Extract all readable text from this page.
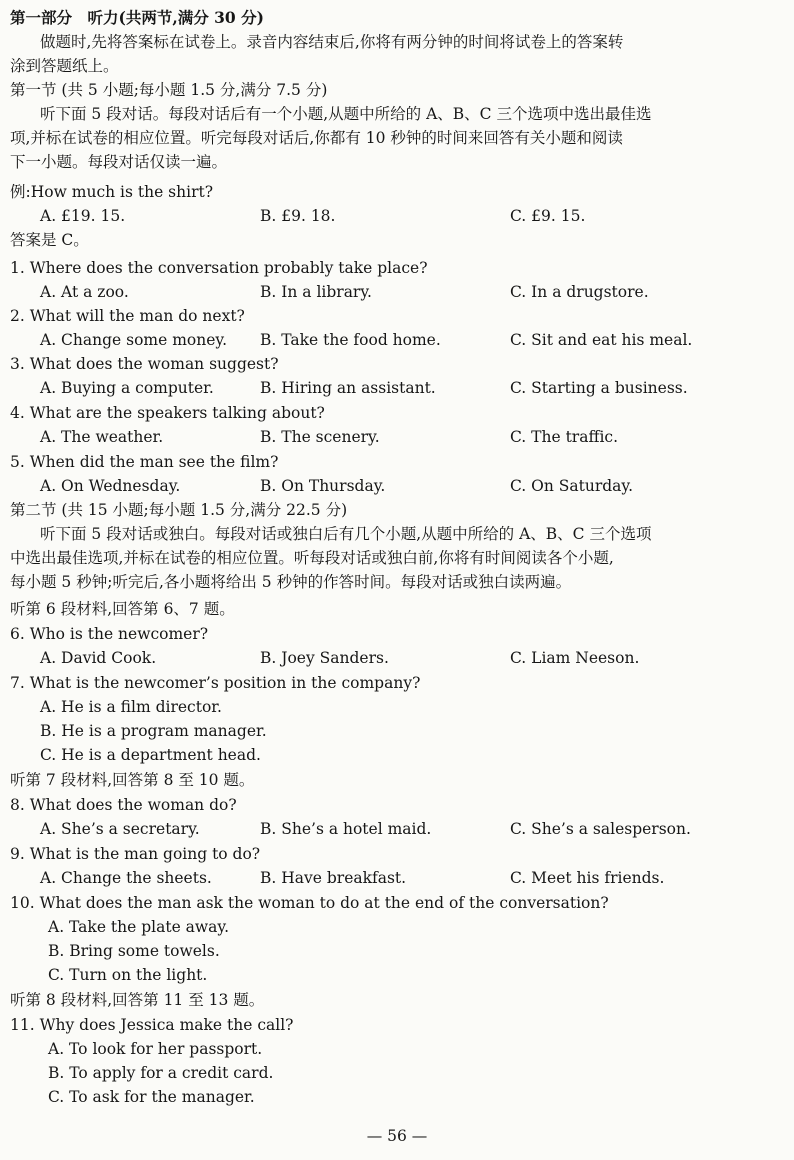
第一部分　听力(共两节,满分 30 分)
做题时,先将答案标在试卷上。录音内容结束后,你将有两分钟的时间将试卷上的答案转
涂到答题纸上。
第一节 (共 5 小题;每小题 1.5 分,满分 7.5 分)
听下面 5 段对话。每段对话后有一个小题,从题中所给的 A、B、C 三个选项中选出最佳选
项,并标在试卷的相应位置。听完每段对话后,你都有 10 秒钟的时间来回答有关小题和阅读
下一小题。每段对话仅读一遍。
例:How much is the shirt?
A. £19. 15.	B. £9. 18.	C. £9. 15.
答案是 C。
1. Where does the conversation probably take place?
A. At a zoo.	B. In a library.	C. In a drugstore.
2. What will the man do next?
A. Change some money. B. Take the food home.	C. Sit and eat his meal.
3. What does the woman suggest?
A. Buying a computer.	B. Hiring an assistant.	C. Starting a business.
4. What are the speakers talking about?
A. The weather.	B. The scenery.	C. The traffic.
5. When did the man see the film?
A. On Wednesday.	B. On Thursday.	C. On Saturday.
第二节 (共 15 小题;每小题 1.5 分,满分 22.5 分)
听下面 5 段对话或独白。每段对话或独白后有几个小题,从题中所给的 A、B、C 三个选项
中选出最佳选项,并标在试卷的相应位置。听每段对话或独白前,你将有时间阅读各个小题,
每小题 5 秒钟;听完后,各小题将给出 5 秒钟的作答时间。每段对话或独白读两遍。
听第 6 段材料,回答第 6、7 题。
6. Who is the newcomer?
A. David Cook.	B. Joey Sanders.	C. Liam Neeson.
7. What is the newcomer’s position in the company?
A. He is a film director.
B. He is a program manager.
C. He is a department head.
听第 7 段材料,回答第 8 至 10 题。
8. What does the woman do?
A. She’s a secretary.	B. She’s a hotel maid.	C. She’s a salesperson.
9. What is the man going to do?
A. Change the sheets.	B. Have breakfast.	C. Meet his friends.
10. What does the man ask the woman to do at the end of the conversation?
A. Take the plate away.
B. Bring some towels.
C. Turn on the light.
听第 8 段材料,回答第 11 至 13 题。
11. Why does Jessica make the call?
A. To look for her passport.
B. To apply for a credit card.
C. To ask for the manager.
— 56 —
